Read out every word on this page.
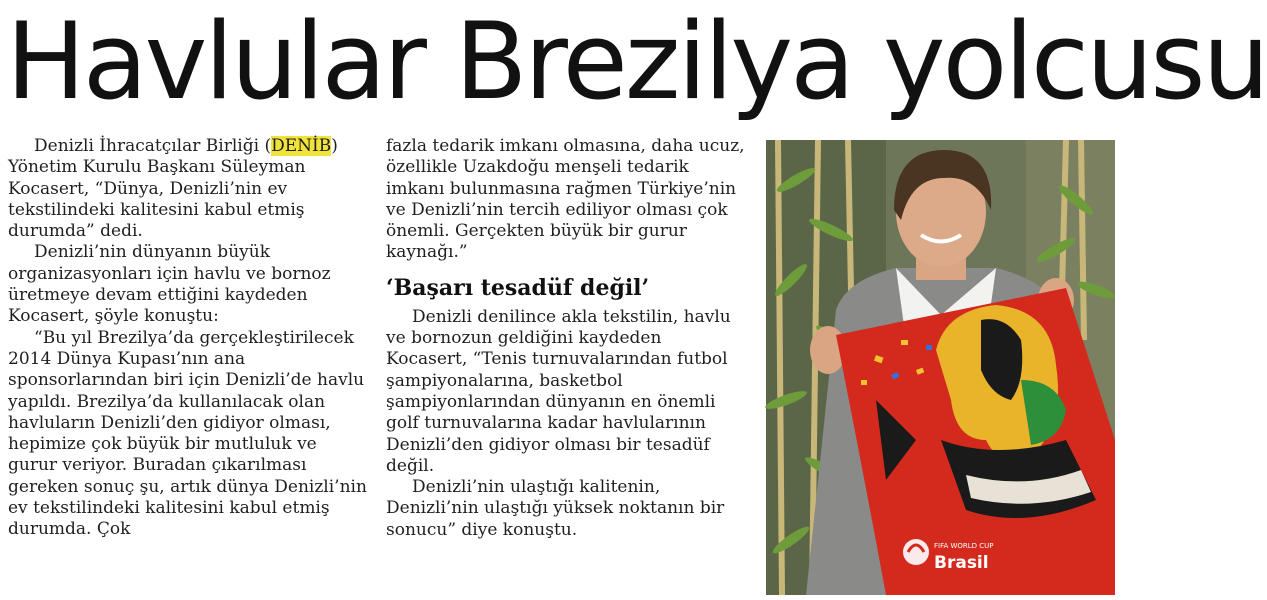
Havlular Brezilya yolcusu

Denizli İhracatçılar Birliği (DENİB) Yönetim Kurulu Başkanı Süleyman Kocasert, “Dünya, Denizli’nin ev tekstilindeki kalitesini kabul etmiş durumda” dedi.

Denizli’nin dünyanın büyük organizasyonları için havlu ve bornoz üretmeye devam ettiğini kaydeden Kocasert, şöyle konuştu:

“Bu yıl Brezilya’da gerçekleştirilecek 2014 Dünya Kupası’nın ana sponsorlarından biri için Denizli’de havlu yapıldı. Brezilya’da kullanılacak olan havluların Denizli’den gidiyor olması, hepimize çok büyük bir mutluluk ve gurur veriyor. Buradan çıkarılması gereken sonuç şu, artık dünya Denizli’nin ev tekstilindeki kalitesini kabul etmiş durumda. Çok

fazla tedarik imkanı olmasına, daha ucuz, özellikle Uzakdoğu menşeli tedarik imkanı bulunmasına rağmen Türkiye’nin ve Denizli’nin tercih ediliyor olması çok önemli. Gerçekten büyük bir gurur kaynağı.”

‘Başarı tesadüf değil’

Denizli denilince akla tekstilin, havlu ve bornozun geldiğini kaydeden Kocasert, “Tenis turnuvalarından futbol şampiyonalarına, basketbol şampiyonlarından dünyanın en önemli golf turnuvalarına kadar havlularının Denizli’den gidiyor olması bir tesadüf değil.

Denizli’nin ulaştığı kalitenin, Denizli’nin ulaştığı yüksek noktanın bir sonucu” diye konuştu.

FIFA WORLD CUP
Brasil
